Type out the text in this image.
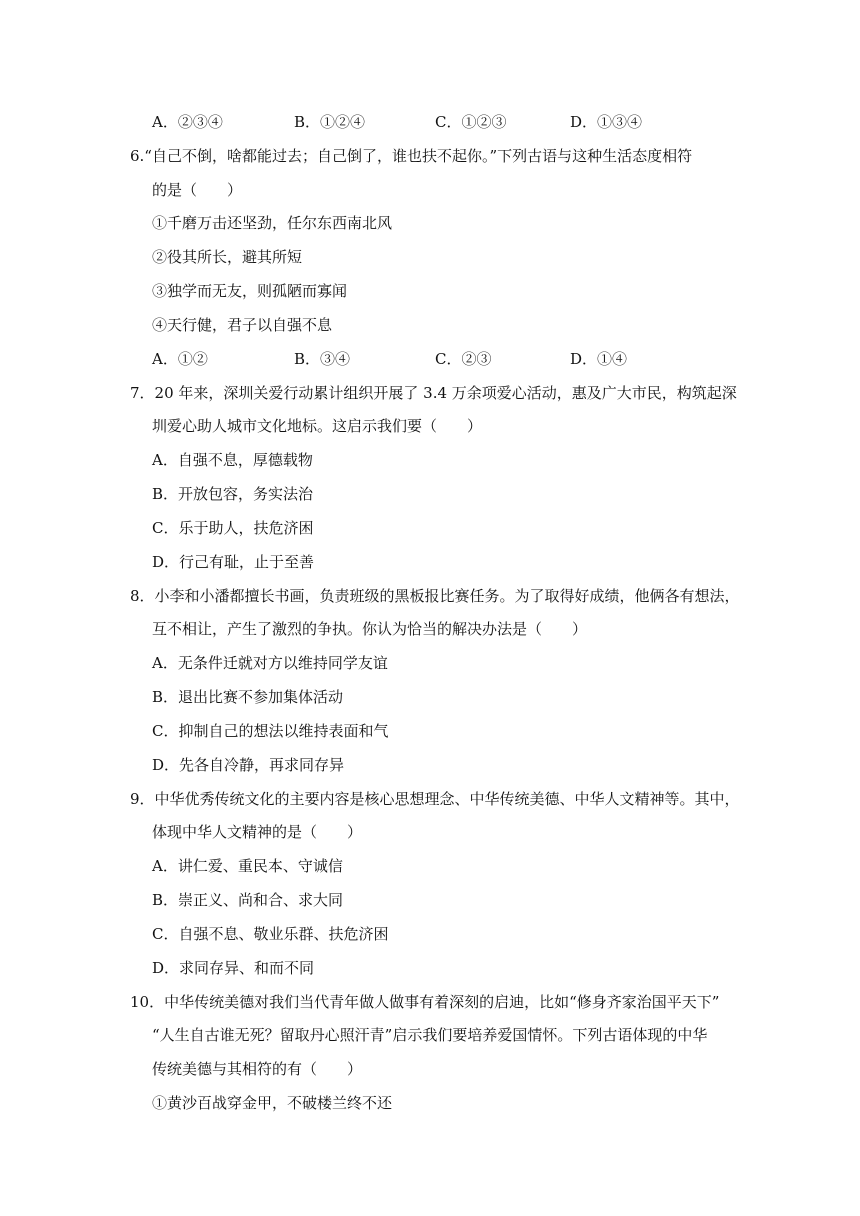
A．②③④	B．①②④	C．①②③	D．①③④
6.“自己不倒，啥都能过去；自己倒了，谁也扶不起你。”下列古语与这种生活态度相符
的是（　　）
①千磨万击还坚劲，任尔东西南北风
②役其所长，避其所短
③独学而无友，则孤陋而寡闻
④天行健，君子以自强不息
A．①②	B．③④	C．②③	D．①④
7．20 年来，深圳关爱行动累计组织开展了 3.4 万余项爱心活动，惠及广大市民，构筑起深
圳爱心助人城市文化地标。这启示我们要（　　）
A．自强不息，厚德载物
B．开放包容，务实法治
C．乐于助人，扶危济困
D．行己有耻，止于至善
8．小李和小潘都擅长书画，负责班级的黑板报比赛任务。为了取得好成绩，他俩各有想法，
互不相让，产生了激烈的争执。你认为恰当的解决办法是（　　）
A．无条件迁就对方以维持同学友谊
B．退出比赛不参加集体活动
C．抑制自己的想法以维持表面和气
D．先各自冷静，再求同存异
9．中华优秀传统文化的主要内容是核心思想理念、中华传统美德、中华人文精神等。其中，
体现中华人文精神的是（　　）
A．讲仁爱、重民本、守诚信
B．崇正义、尚和合、求大同
C．自强不息、敬业乐群、扶危济困
D．求同存异、和而不同
10．中华传统美德对我们当代青年做人做事有着深刻的启迪，比如“修身齐家治国平天下”
“人生自古谁无死？留取丹心照汗青”启示我们要培养爱国情怀。下列古语体现的中华
传统美德与其相符的有（　　）
①黄沙百战穿金甲，不破楼兰终不还
